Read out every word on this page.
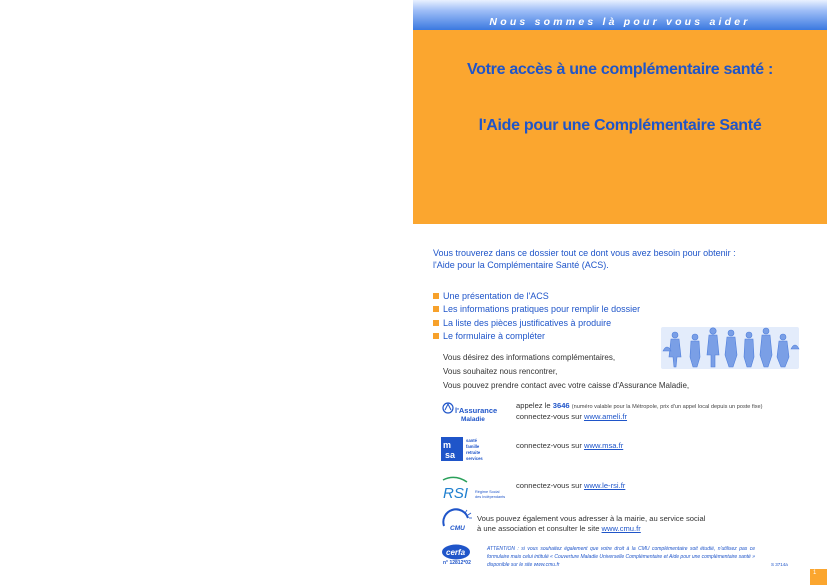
Nous sommes là pour vous aider
Votre accès à une complémentaire santé :
l'Aide pour une Complémentaire Santé
Vous trouverez dans ce dossier tout ce dont vous avez besoin pour obtenir :
l'Aide pour la Complémentaire Santé (ACS).
Une présentation de l'ACS
Les informations pratiques pour remplir le dossier
La liste des pièces justificatives à produire
Le formulaire à compléter
Vous désirez des informations complémentaires,
Vous souhaitez nous rencontrer,
Vous pouvez prendre contact avec votre caisse d'Assurance Maladie,
l'Assurance
Maladie
appelez le 3646 (numéro valable pour la Métropole, prix d'un appel local depuis un poste fixe)
connectez-vous sur www.ameli.fr
m
sa
santé
famille
retraite
services
connectez-vous sur www.msa.fr
RSI Régime Social
des Indépendants
connectez-vous sur www.le-rsi.fr
CMU
Vous pouvez également vous adresser à la mairie, au service social
à une association et consulter le site www.cmu.fr
cerfa
n° 12812*02
ATTENTION : si vous souhaitez également que votre droit à la CMU complémentaire soit étudié, n'utilisez pas ce formulaire mais celui intitulé « Couverture Maladie Universelle Complémentaire et Aide pour une complémentaire santé » disponible sur le site www.cmu.fr	S 3714a
1
